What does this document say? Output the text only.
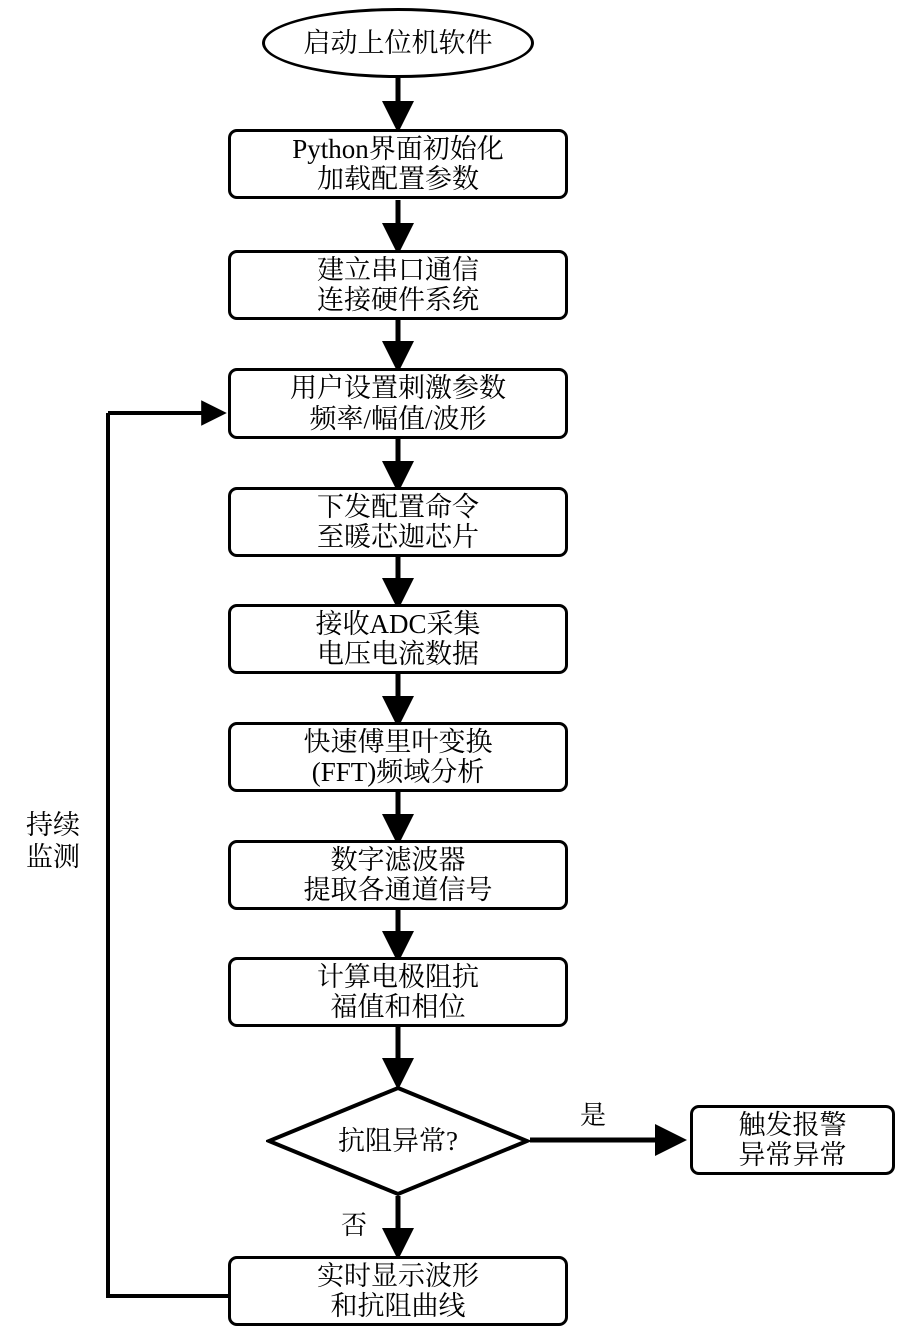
启动上位机软件
Python界面初始化
加载配置参数
建立串口通信
连接硬件系统
用户设置刺激参数
频率/幅值/波形
下发配置命令
至暖芯迦芯片
接收ADC采集
电压电流数据
快速傅里叶变换
(FFT)频域分析
数字滤波器
提取各通道信号
计算电极阻抗
福值和相位
抗阻异常?
触发报警
异常异常
实时显示波形
和抗阻曲线
是
否
持续
监测
